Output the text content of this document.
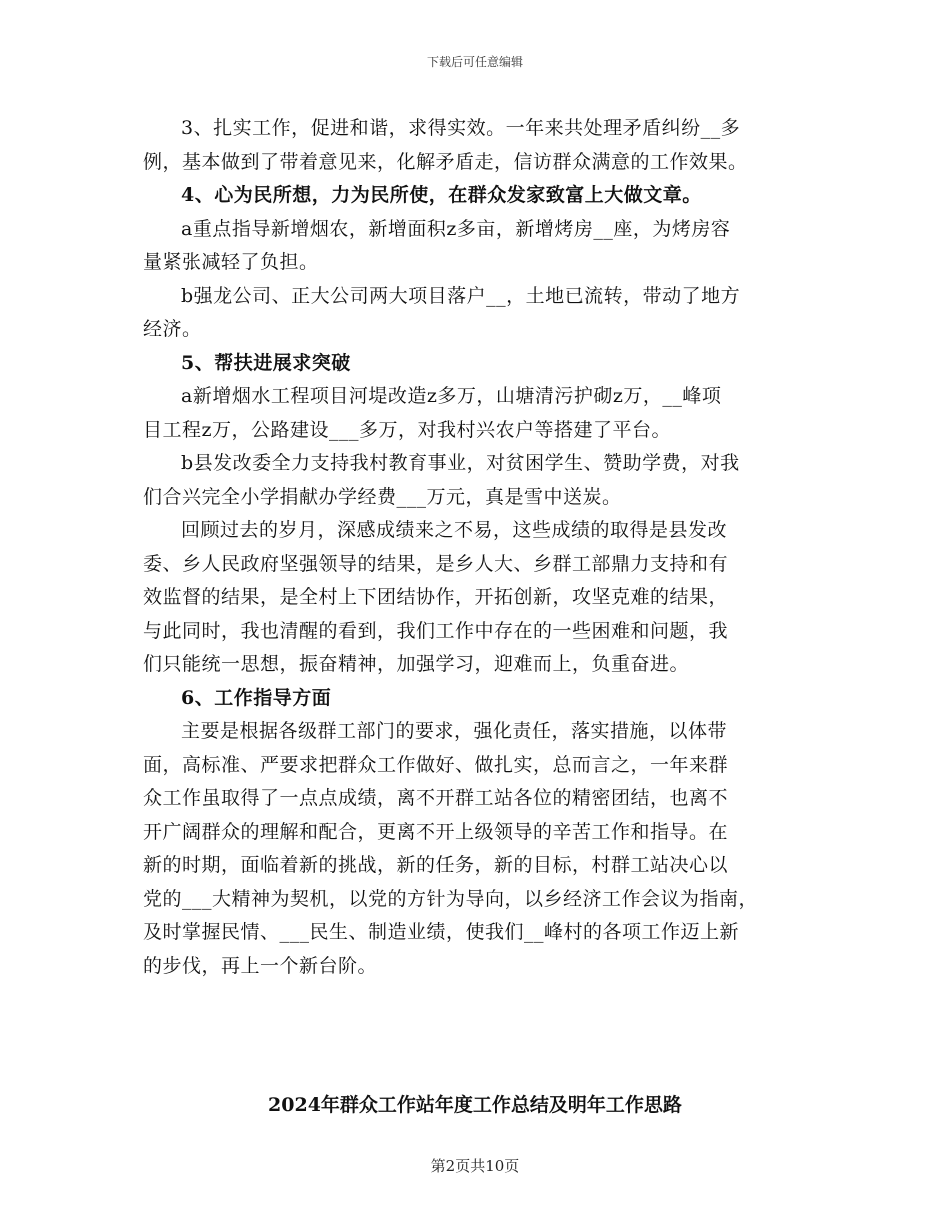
下载后可任意编辑
3、扎实工作，促进和谐，求得实效。一年来共处理矛盾纠纷__多
例，基本做到了带着意见来，化解矛盾走，信访群众满意的工作效果。
4、心为民所想，力为民所使，在群众发家致富上大做文章。
a重点指导新增烟农，新增面积z多亩，新增烤房__座，为烤房容
量紧张减轻了负担。
b强龙公司、正大公司两大项目落户__，土地已流转，带动了地方
经济。
5、帮扶进展求突破
a新增烟水工程项目河堤改造z多万，山塘清污护砌z万，__峰项
目工程z万，公路建设___多万，对我村兴农户等搭建了平台。
b县发改委全力支持我村教育事业，对贫困学生、赞助学费，对我
们合兴完全小学捐献办学经费___万元，真是雪中送炭。
回顾过去的岁月，深感成绩来之不易，这些成绩的取得是县发改
委、乡人民政府坚强领导的结果，是乡人大、乡群工部鼎力支持和有
效监督的结果，是全村上下团结协作，开拓创新，攻坚克难的结果，
与此同时，我也清醒的看到，我们工作中存在的一些困难和问题，我
们只能统一思想，振奋精神，加强学习，迎难而上，负重奋进。
6、工作指导方面
主要是根据各级群工部门的要求，强化责任，落实措施，以体带
面，高标准、严要求把群众工作做好、做扎实，总而言之，一年来群
众工作虽取得了一点点成绩，离不开群工站各位的精密团结，也离不
开广阔群众的理解和配合，更离不开上级领导的辛苦工作和指导。在
新的时期，面临着新的挑战，新的任务，新的目标，村群工站决心以
党的___大精神为契机，以党的方针为导向，以乡经济工作会议为指南，
及时掌握民情、___民生、制造业绩，使我们__峰村的各项工作迈上新
的步伐，再上一个新台阶。
2024年群众工作站年度工作总结及明年工作思路
第2页共10页
